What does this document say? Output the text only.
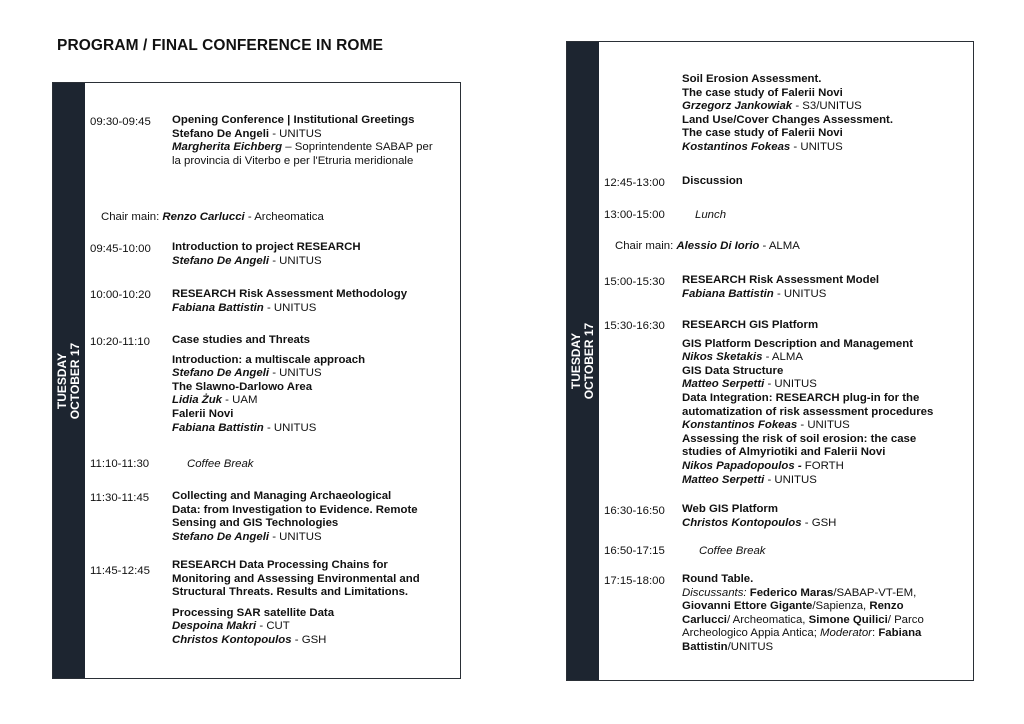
PROGRAM / FINAL CONFERENCE IN ROME
TUESDAY OCTOBER 17
09:30-09:45 Opening Conference | Institutional Greetings
Stefano De Angeli - UNITUS
Margherita Eichberg – Soprintendente SABAP per
la provincia di Viterbo e per l'Etruria meridionale
Chair main: Renzo Carlucci - Archeomatica
09:45-10:00 Introduction to project RESEARCH
Stefano De Angeli - UNITUS
10:00-10:20 RESEARCH Risk Assessment Methodology
Fabiana Battistin - UNITUS
10:20-11:10 Case studies and Threats
Introduction: a multiscale approach
Stefano De Angeli - UNITUS
The Slawno-Darlowo Area
Lidia Żuk - UAM
Falerii Novi
Fabiana Battistin - UNITUS
11:10-11:30	Coffee Break
11:30-11:45 Collecting and Managing Archaeological
Data: from Investigation to Evidence. Remote
Sensing and GIS Technologies
Stefano De Angeli - UNITUS
11:45-12:45 RESEARCH Data Processing Chains for
Monitoring and Assessing Environmental and
Structural Threats. Results and Limitations.
Processing SAR satellite Data
Despoina Makri - CUT
Christos Kontopoulos - GSH
TUESDAY OCTOBER 17
Soil Erosion Assessment.
The case study of Falerii Novi
Grzegorz Jankowiak - S3/UNITUS
Land Use/Cover Changes Assessment.
The case study of Falerii Novi
Kostantinos Fokeas - UNITUS
12:45-13:00 Discussion
13:00-15:00	Lunch
Chair main: Alessio Di Iorio - ALMA
15:00-15:30 RESEARCH Risk Assessment Model
Fabiana Battistin - UNITUS
15:30-16:30 RESEARCH GIS Platform
GIS Platform Description and Management
Nikos Sketakis - ALMA
GIS Data Structure
Matteo Serpetti - UNITUS
Data Integration: RESEARCH plug-in for the
automatization of risk assessment procedures
Konstantinos Fokeas - UNITUS
Assessing the risk of soil erosion: the case
studies of Almyriotiki and Falerii Novi
Nikos Papadopoulos - FORTH
Matteo Serpetti - UNITUS
16:30-16:50 Web GIS Platform
Christos Kontopoulos - GSH
16:50-17:15	Coffee Break
17:15-18:00 Round Table.
Discussants: Federico Maras/SABAP-VT-EM,
Giovanni Ettore Gigante/Sapienza, Renzo
Carlucci/ Archeomatica, Simone Quilici/ Parco
Archeologico Appia Antica; Moderator: Fabiana
Battistin/UNITUS
